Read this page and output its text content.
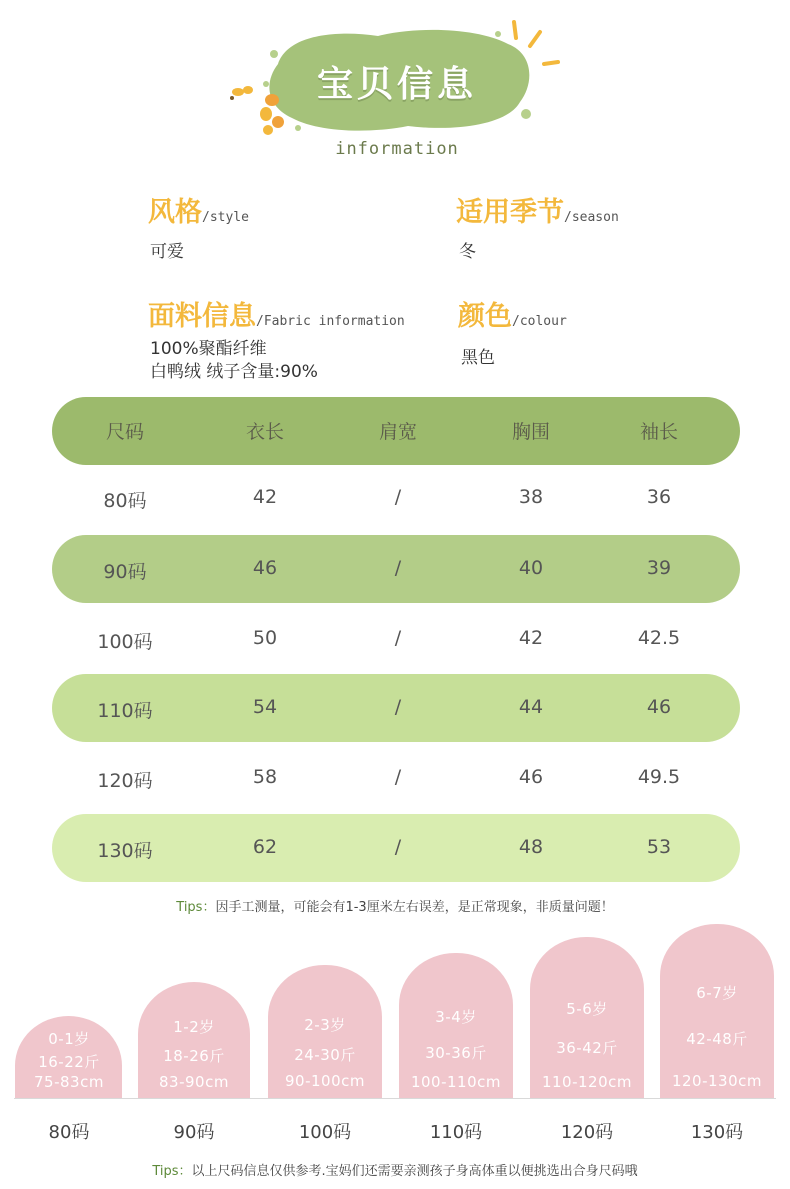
宝贝信息
information
风格/style
可爱
适用季节/season
冬
面料信息/Fabric information
100%聚酯纤维
白鸭绒 绒子含量:90%
颜色/colour
黑色
尺码	衣长	肩宽	胸围	袖长
80码	42	/	38	36
90码	46	/	40	39
100码	50	/	42	42.5
110码	54	/	44	46
120码	58	/	46	49.5
130码	62	/	48	53
Tips：因手工测量，可能会有1-3厘米左右误差，是正常现象，非质量问题！
0-1岁
16-22斤
75-83cm
80码
1-2岁
18-26斤
83-90cm
90码
2-3岁
24-30斤
90-100cm
100码
3-4岁
30-36斤
100-110cm
110码
5-6岁
36-42斤
110-120cm
120码
6-7岁
42-48斤
120-130cm
130码
Tips：以上尺码信息仅供参考.宝妈们还需要亲测孩子身高体重以便挑选出合身尺码哦
